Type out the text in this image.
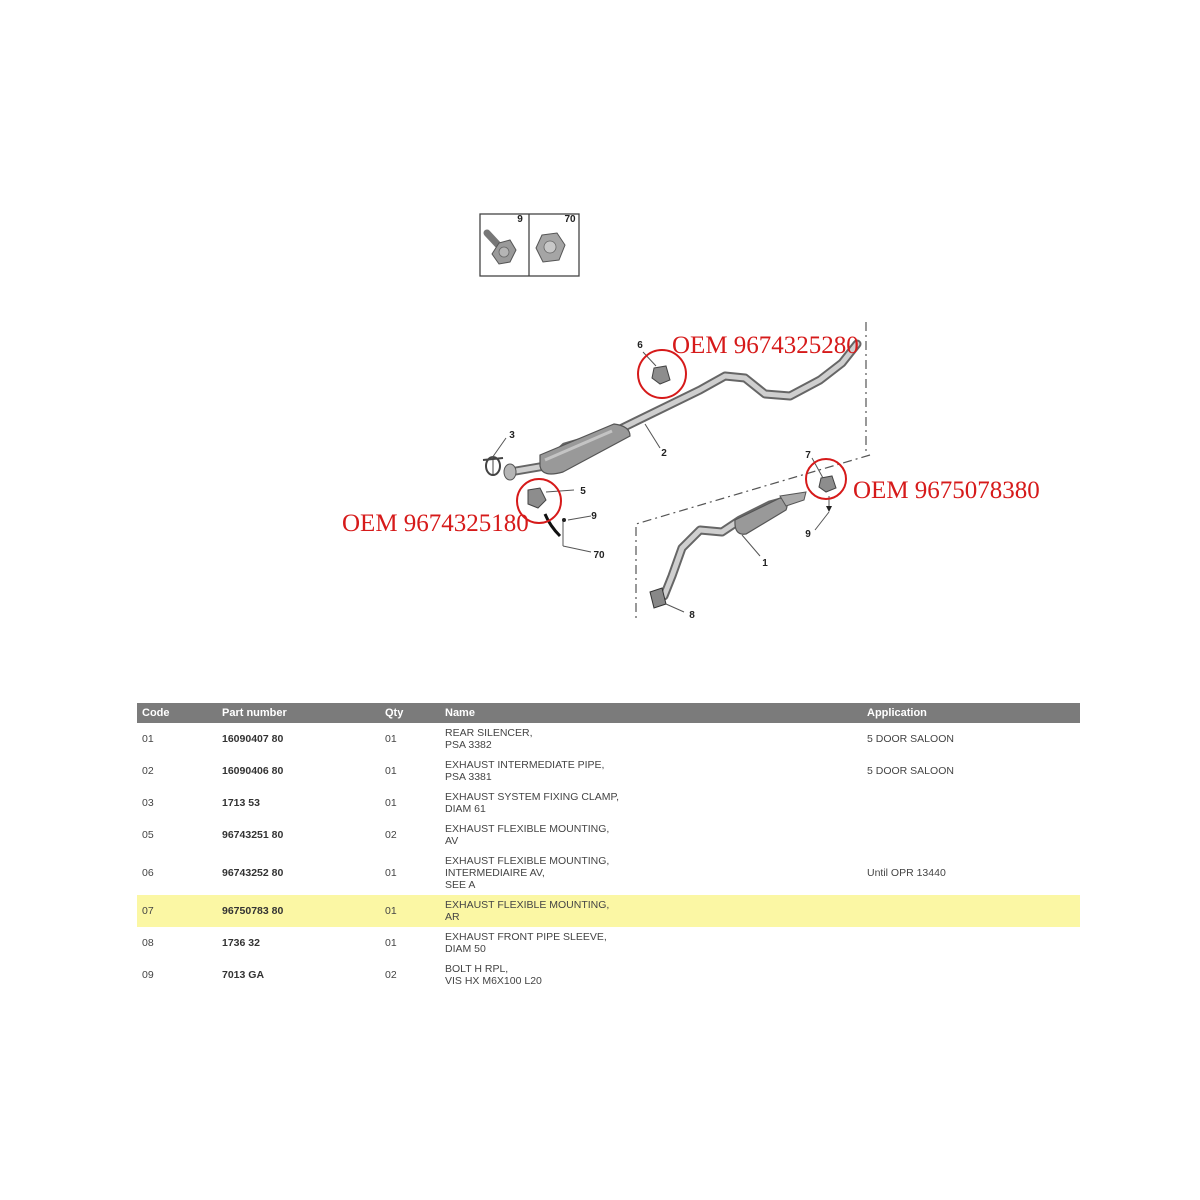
9	70
1
2
3
5
6
7
8
9
9
70
OEM 9674325280
OEM 9675078380
OEM 9674325180
Code	Part number	Qty	Name	Application
01	16090407 80	01	REAR SILENCER,
PSA 3382	5 DOOR SALOON
02	16090406 80	01	EXHAUST INTERMEDIATE PIPE,
PSA 3381	5 DOOR SALOON
03	1713 53	01	EXHAUST SYSTEM FIXING CLAMP,
DIAM 61	

05	96743251 80	02	EXHAUST FLEXIBLE MOUNTING,
AV	

06	96743252 80	01	EXHAUST FLEXIBLE MOUNTING,
INTERMEDIAIRE AV,
SEE A	Until OPR 13440
07	96750783 80	01	EXHAUST FLEXIBLE MOUNTING,
AR	

08	1736 32	01	EXHAUST FRONT PIPE SLEEVE,
DIAM 50	

09	7013 GA	02	BOLT H RPL,
VIS HX M6X100 L20	
